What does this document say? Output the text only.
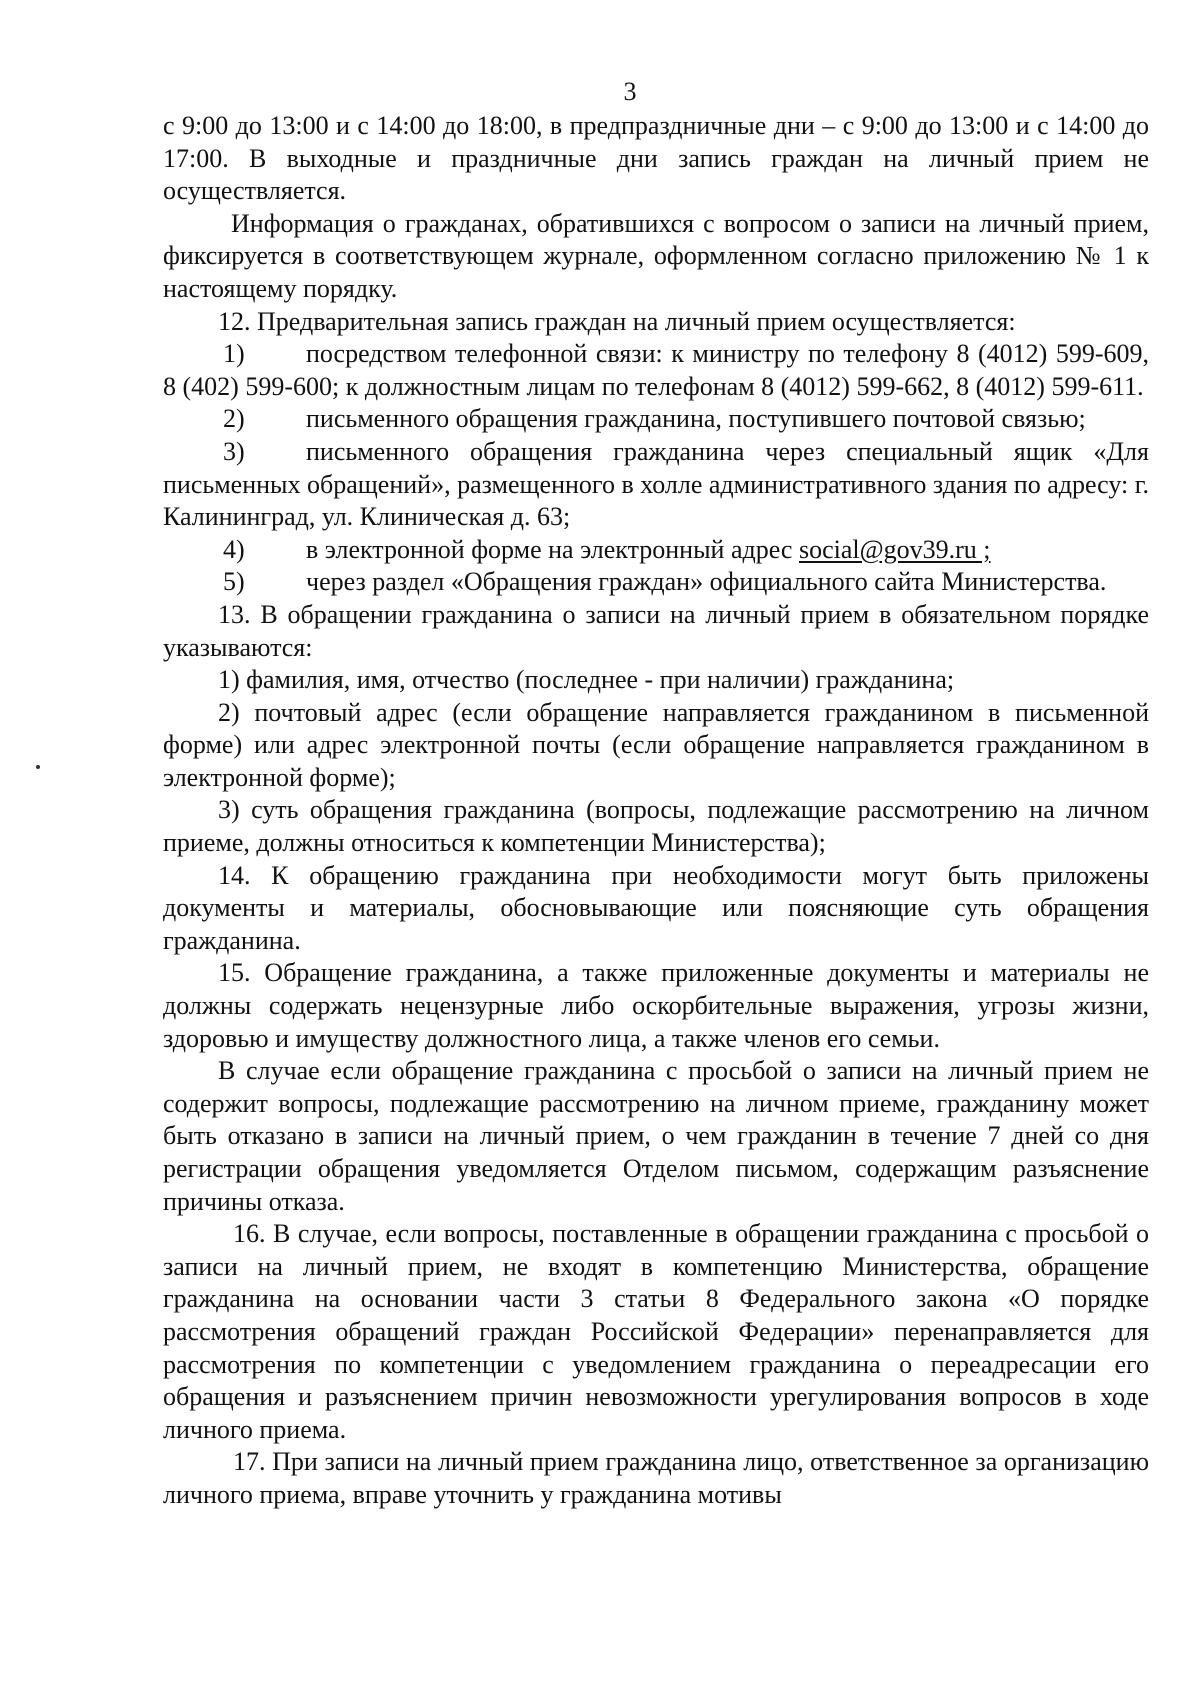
3

с 9:00 до 13:00 и с 14:00 до 18:00, в предпраздничные дни – с 9:00 до 13:00 и с 14:00 до 17:00. В выходные и праздничные дни запись граждан на личный прием не осуществляется.

Информация о гражданах, обратившихся с вопросом о записи на личный прием, фиксируется в соответствующем журнале, оформленном согласно приложению № 1 к настоящему порядку.

12. Предварительная запись граждан на личный прием осуществляется:

1) посредством телефонной связи: к министру по телефону 8 (4012) 599-609, 8 (402) 599-600; к должностным лицам по телефонам 8 (4012) 599-662, 8 (4012) 599-611.

2) письменного обращения гражданина, поступившего почтовой связью;

3) письменного обращения гражданина через специальный ящик «Для письменных обращений», размещенного в холле административного здания по адресу: г. Калининград, ул. Клиническая д. 63;

4) в электронной форме на электронный адрес social@gov39.ru ;

5) через раздел «Обращения граждан» официального сайта Министерства.

13. В обращении гражданина о записи на личный прием в обязательном порядке указываются:

1) фамилия, имя, отчество (последнее - при наличии) гражданина;

2) почтовый адрес (если обращение направляется гражданином в письменной форме) или адрес электронной почты (если обращение направляется гражданином в электронной форме);

3) суть обращения гражданина (вопросы, подлежащие рассмотрению на личном приеме, должны относиться к компетенции Министерства);

14. К обращению гражданина при необходимости могут быть приложены документы и материалы, обосновывающие или поясняющие суть обращения гражданина.

15. Обращение гражданина, а также приложенные документы и материалы не должны содержать нецензурные либо оскорбительные выражения, угрозы жизни, здоровью и имуществу должностного лица, а также членов его семьи.

В случае если обращение гражданина с просьбой о записи на личный прием не содержит вопросы, подлежащие рассмотрению на личном приеме, гражданину может быть отказано в записи на личный прием, о чем гражданин в течение 7 дней со дня регистрации обращения уведомляется Отделом письмом, содержащим разъяснение причины отказа.

16. В случае, если вопросы, поставленные в обращении гражданина с просьбой о записи на личный прием, не входят в компетенцию Министерства, обращение гражданина на основании части 3 статьи 8 Федерального закона «О порядке рассмотрения обращений граждан Российской Федерации» перенаправляется для рассмотрения по компетенции с уведомлением гражданина о переадресации его обращения и разъяснением причин невозможности урегулирования вопросов в ходе личного приема.

17. При записи на личный прием гражданина лицо, ответственное за организацию личного приема, вправе уточнить у гражданина мотивы
